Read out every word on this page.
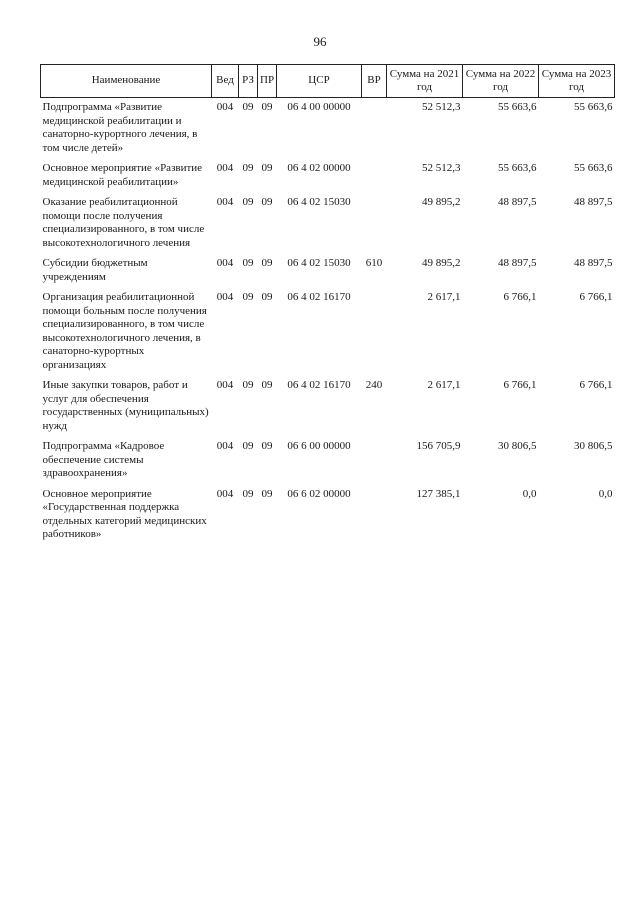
96
Наименование	Вед	РЗ	ПР	ЦСР	ВР	Сумма на 2021 год	Сумма на 2022 год	Сумма на 2023 год
Подпрограмма «Развитие медицинской реабилитации и санаторно-курортного лечения, в том числе детей»	004	09	09	06 4 00 00000		52 512,3	55 663,6	55 663,6
Основное мероприятие «Развитие медицинской реабилитации»	004	09	09	06 4 02 00000		52 512,3	55 663,6	55 663,6
Оказание реабилитационной помощи после получения специализированного, в том числе высокотехнологичного лечения	004	09	09	06 4 02 15030		49 895,2	48 897,5	48 897,5
Субсидии бюджетным учреждениям	004	09	09	06 4 02 15030	610	49 895,2	48 897,5	48 897,5
Организация реабилитационной помощи больным после получения специализированного, в том числе высокотехнологичного лечения, в санаторно-курортных организациях	004	09	09	06 4 02 16170		2 617,1	6 766,1	6 766,1
Иные закупки товаров, работ и услуг для обеспечения государственных (муниципальных) нужд	004	09	09	06 4 02 16170	240	2 617,1	6 766,1	6 766,1
Подпрограмма «Кадровое обеспечение системы здравоохранения»	004	09	09	06 6 00 00000		156 705,9	30 806,5	30 806,5
Основное мероприятие «Государственная поддержка отдельных категорий медицинских работников»	004	09	09	06 6 02 00000		127 385,1	0,0	0,0
